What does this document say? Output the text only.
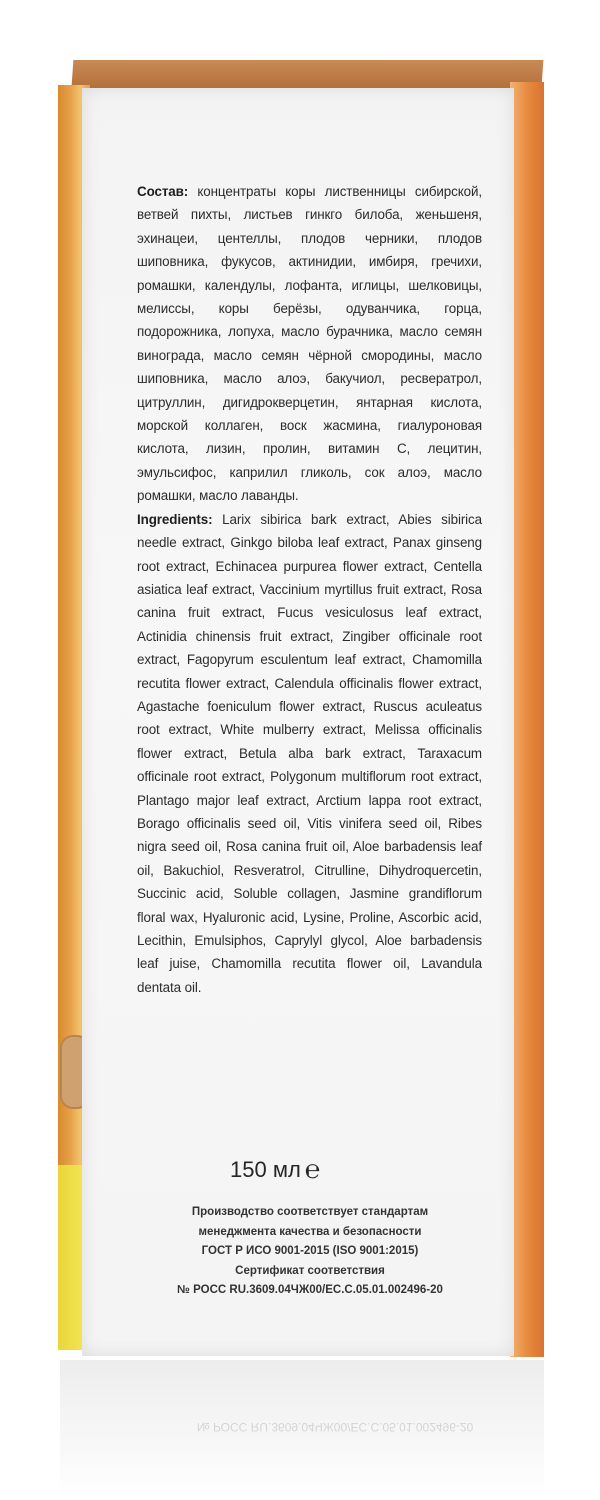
Состав: концентраты коры лиственницы сибирской, ветвей пихты, листьев гинкго билоба, женьшеня, эхинацеи, центеллы, плодов черники, плодов шиповника, фукусов, актинидии, имбиря, гречихи, ромашки, календулы, лофанта, иглицы, шелковицы, мелиссы, коры берёзы, одуванчика, горца, подорожника, лопуха, масло бурачника, масло семян винограда, масло семян чёрной смородины, масло шиповника, масло алоэ, бакучиол, ресвератрол, цитруллин, дигидрокверцетин, янтарная кислота, морской коллаген, воск жасмина, гиалуроновая кислота, лизин, пролин, витамин С, лецитин, эмульсифос, каприлил гликоль, сок алоэ, масло ромашки, масло лаванды.

Ingredients: Larix sibirica bark extract, Abies sibirica needle extract, Ginkgo biloba leaf extract, Panax ginseng root extract, Echinacea purpurea flower extract, Centella asiatica leaf extract, Vaccinium myrtillus fruit extract, Rosa canina fruit extract, Fucus vesiculosus leaf extract, Actinidia chinensis fruit extract, Zingiber officinale root extract, Fagopyrum esculentum leaf extract, Chamomilla recutita flower extract, Calendula officinalis flower extract, Agastache foeniculum flower extract, Ruscus aculeatus root extract, White mulberry extract, Melissa officinalis flower extract, Betula alba bark extract, Taraxacum officinale root extract, Polygonum multiflorum root extract, Plantago major leaf extract, Arctium lappa root extract, Borago officinalis seed oil, Vitis vinifera seed oil, Ribes nigra seed oil, Rosa canina fruit oil, Aloe barbadensis leaf oil, Bakuchiol, Resveratrol, Citrulline, Dihydroquercetin, Succinic acid, Soluble collagen, Jasmine grandiflorum floral wax, Hyaluronic acid, Lysine, Proline, Ascorbic acid, Lecithin, Emulsiphos, Caprylyl glycol, Aloe barbadensis leaf juise, Chamomilla recutita flower oil, Lavandula dentata oil.

150 мл ℮
Производство соответствует стандартам
менеджмента качества и безопасности
ГОСТ Р ИСО 9001-2015 (ISO 9001:2015)
Сертификат соответствия
№ РОСС RU.3609.04ЧЖ00/ЕС.С.05.01.002496-20
№ РОСС RU.3609.04ЧЖ00/ЕС.С.05.01.002496-20
